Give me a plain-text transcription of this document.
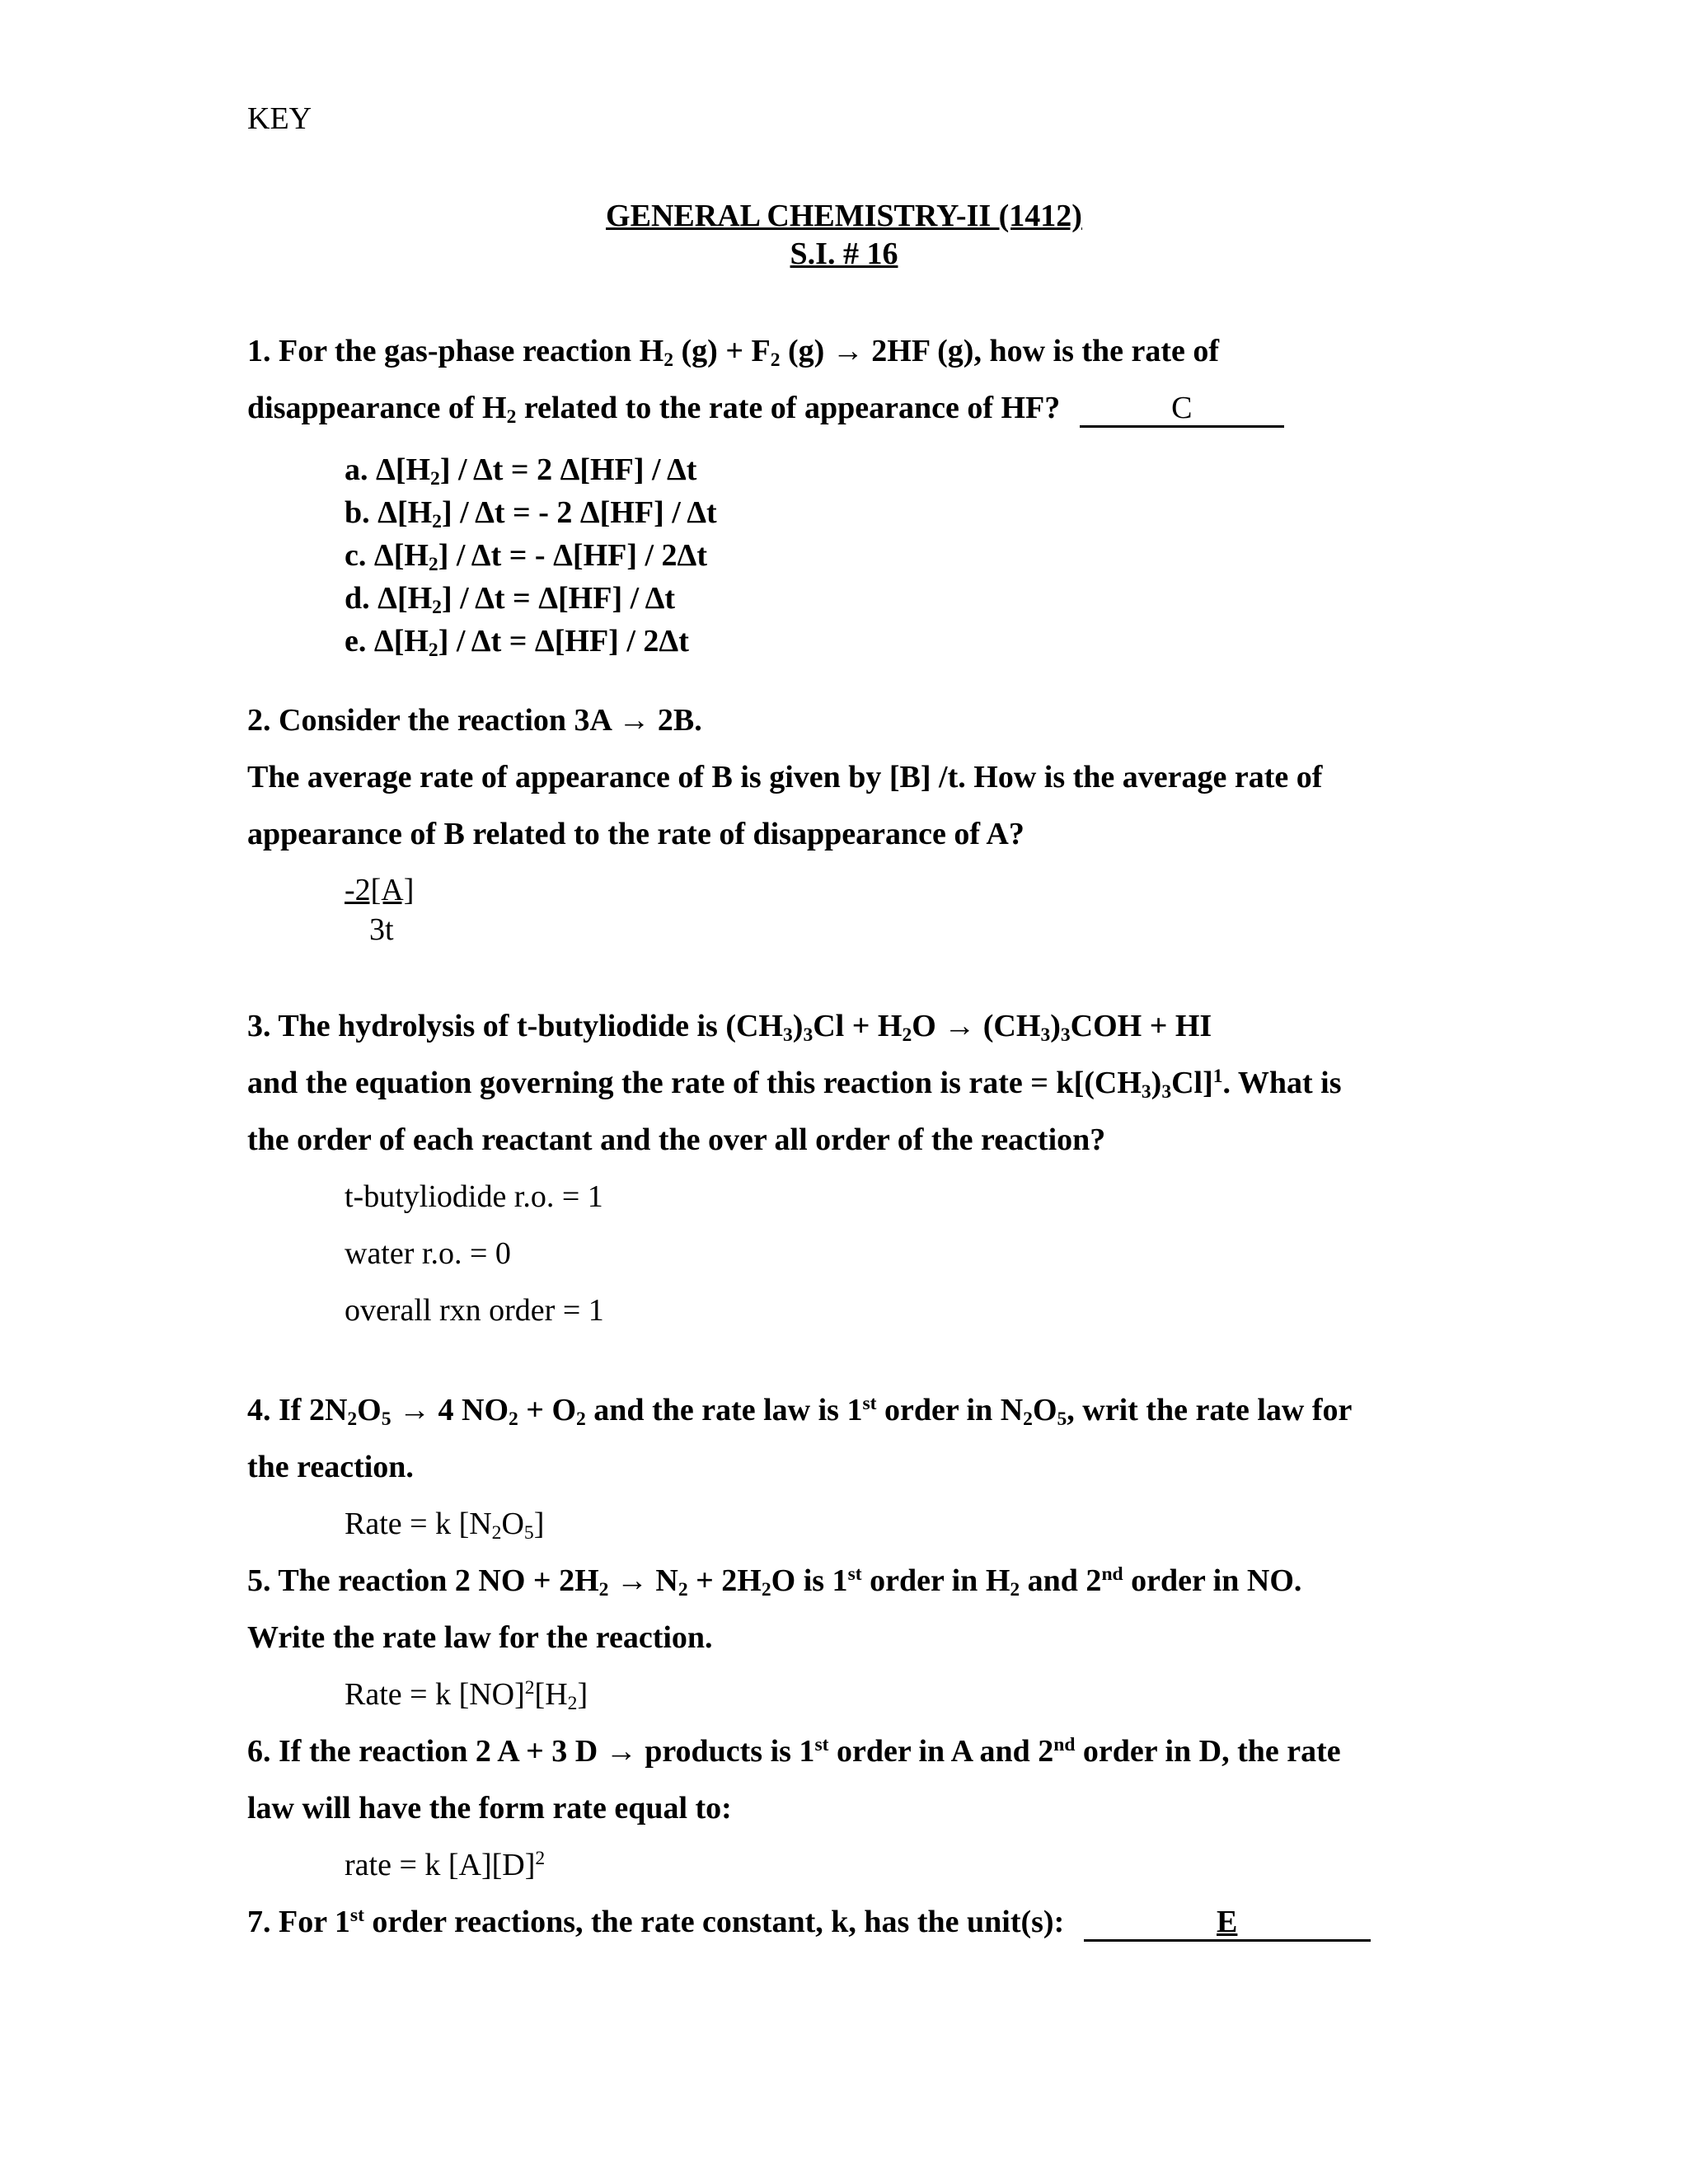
KEY
GENERAL CHEMISTRY-II (1412)
S.I. # 16
1. For the gas-phase reaction $H_2$ $(g) + F_2$ (g) → 2HF (g), how is the rate of
disappearance of $H_2$ related to the rate of appearance of HF?	C
a. $\Delta[H_2] / \Delta t = 2$ Δ[HF] / Δt
b. $\Delta[H_2]$ / Δt = - 2 Δ[HF] / Δt
c. $\Delta[H_2]$ / Δt = - Δ[HF] / 2Δt
d. $\Delta[H_2] / \Delta t = \Delta[HF] / \Delta t$
e. $\Delta[H_2] / \Delta t = \Delta[HF] / 2\Delta t$
2. Consider the reaction 3A → 2B.
The average rate of appearance of B is given by [B] /t. How is the average rate of
appearance of B related to the rate of disappearance of A?
-2[A]
3t
3. The hydrolysis of t-butyliodide is $(CH_3)_3Cl + H_2O \to (CH_3)_3COH$ + HI
and the equation governing the rate of this reaction is rate = $k[(CH_3)_3Cl]^1$. What is
the order of each reactant and the over all order of the reaction?
t-butyliodide r.o. = 1
water r.o. = 0
overall rxn order = 1
4. If $2N_2O_5 \to 4$ $NO_2 + O_2$ and the rate law is 1st order in $N_2O_5$, writ the rate law for
the reaction.
Rate = k $[N_2O_5]$
5. The reaction 2 NO + $2H_2 \to N_2 + 2H_2O$ is 1st order in $H_2$ and 2nd order in NO.
Write the rate law for the reaction.
Rate = k $[NO]^2[H_2]$
6. If the reaction 2 A + 3 D → products is 1st order in A and 2nd order in D, the rate
law will have the form rate equal to:
rate = k $[A][D]^2$
7. For 1st order reactions, the rate constant, k, has the unit(s):	E
